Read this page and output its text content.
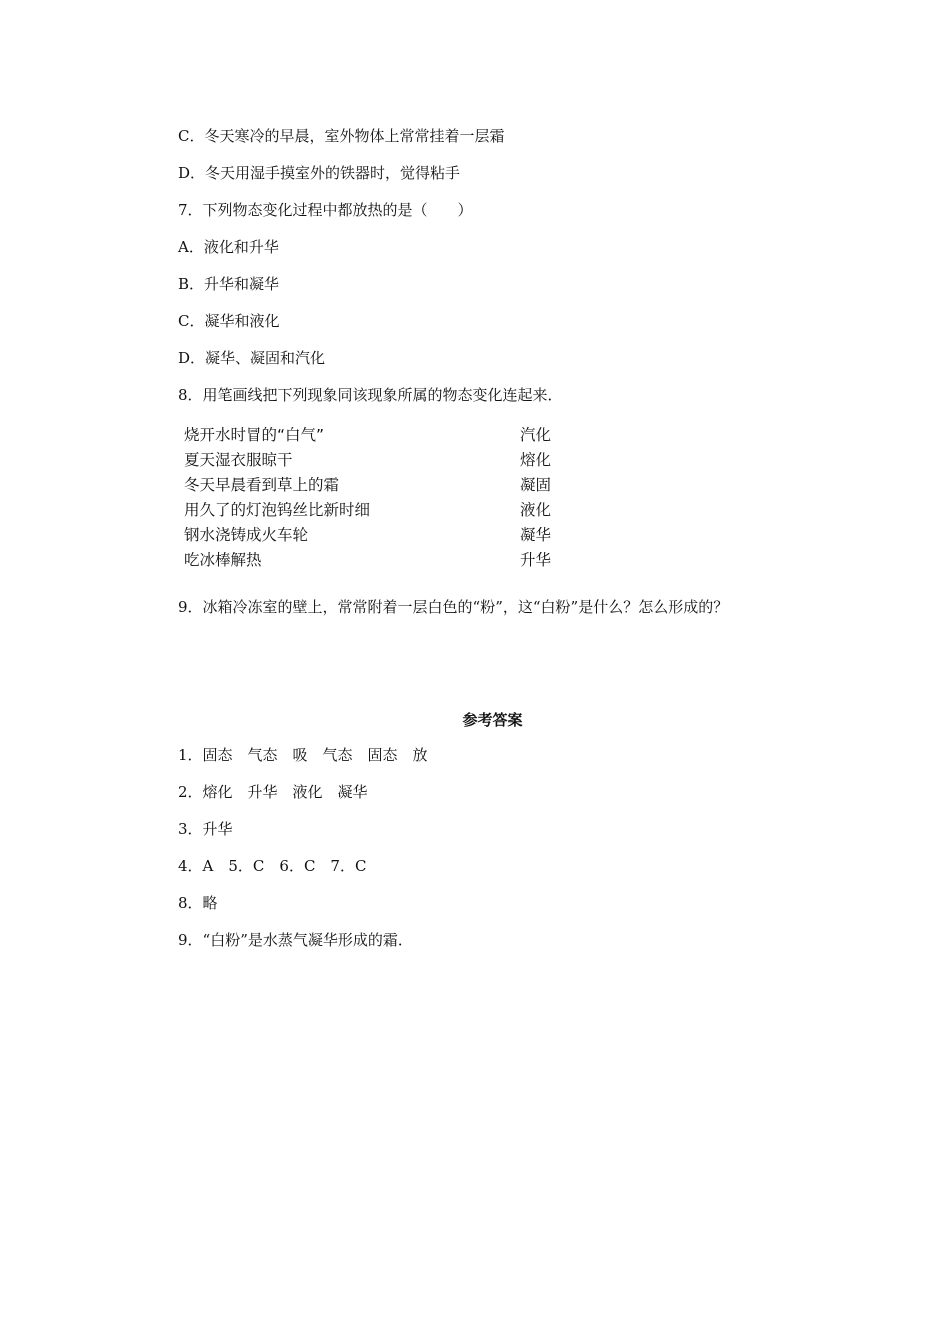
C．冬天寒冷的早晨，室外物体上常常挂着一层霜
D．冬天用湿手摸室外的铁器时，觉得粘手
7．下列物态变化过程中都放热的是（　　）
A．液化和升华
B．升华和凝华
C．凝华和液化
D．凝华、凝固和汽化
8．用笔画线把下列现象同该现象所属的物态变化连起来．
烧开水时冒的“白气”	汽化
夏天湿衣服晾干	熔化
冬天早晨看到草上的霜	凝固
用久了的灯泡钨丝比新时细	液化
钢水浇铸成火车轮	凝华
吃冰棒解热	升华
9．冰箱冷冻室的壁上，常常附着一层白色的“粉”，这“白粉”是什么？怎么形成的？
参考答案
1．固态　气态　吸　气态　固态　放
2．熔化　升华　液化　凝华
3．升华
4．A　5．C　6．C　7．C
8．略
9．“白粉”是水蒸气凝华形成的霜．
